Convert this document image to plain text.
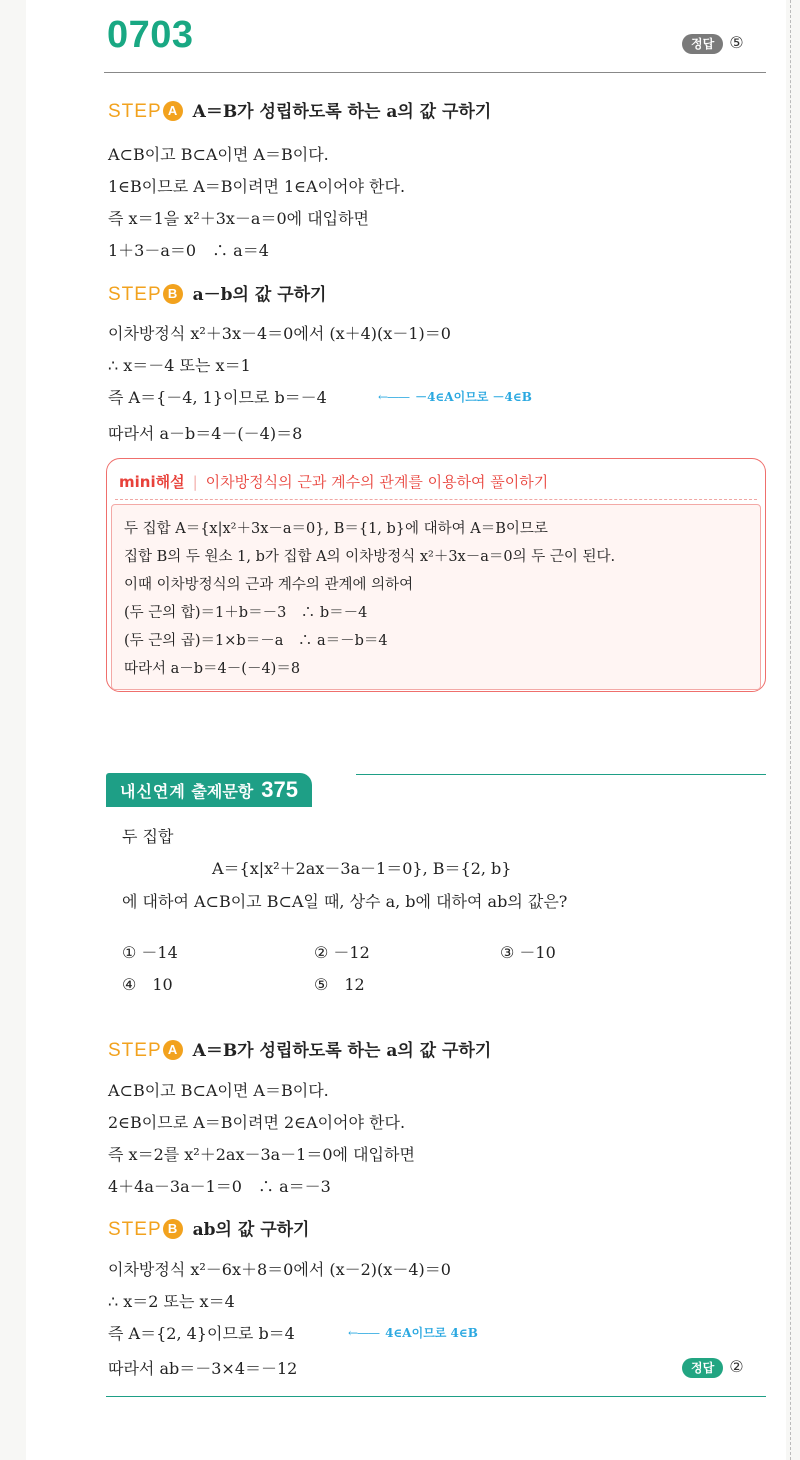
0703	정답 ⑤
STEP A A＝B가 성립하도록 하는 a의 값 구하기
A⊂B이고 B⊂A이면 A＝B이다.
1∈B이므로 A＝B이려면 1∈A이어야 한다.
즉 x＝1을 x²＋3x－a＝0에 대입하면
1＋3－a＝0　∴ a＝4
STEP B a－b의 값 구하기
이차방정식 x²＋3x－4＝0에서 (x＋4)(x－1)＝0
∴ x＝－4 또는 x＝1
즉 A＝{－4, 1}이므로 b＝－4	←—— －4∈A이므로 －4∈B
따라서 a－b＝4－(－4)＝8
mini해설 | 이차방정식의 근과 계수의 관계를 이용하여 풀이하기
두 집합 A＝{x|x²＋3x－a＝0}, B＝{1, b}에 대하여 A＝B이므로
집합 B의 두 원소 1, b가 집합 A의 이차방정식 x²＋3x－a＝0의 두 근이 된다.
이때 이차방정식의 근과 계수의 관계에 의하여
(두 근의 합)＝1＋b＝－3　∴ b＝－4
(두 근의 곱)＝1×b＝－a　∴ a＝－b＝4
따라서 a－b＝4－(－4)＝8
내신연계 출제문항 375
두 집합
A＝{x|x²＋2ax－3a－1＝0}, B＝{2, b}
에 대하여 A⊂B이고 B⊂A일 때, 상수 a, b에 대하여 ab의 값은?
① －14	② －12	③ －10
④　10	⑤　12
STEP A A＝B가 성립하도록 하는 a의 값 구하기
A⊂B이고 B⊂A이면 A＝B이다.
2∈B이므로 A＝B이려면 2∈A이어야 한다.
즉 x＝2를 x²＋2ax－3a－1＝0에 대입하면
4＋4a－3a－1＝0　∴ a＝－3
STEP B ab의 값 구하기
이차방정식 x²－6x＋8＝0에서 (x－2)(x－4)＝0
∴ x＝2 또는 x＝4
즉 A＝{2, 4}이므로 b＝4	←—— 4∈A이므로 4∈B
따라서 ab＝－3×4＝－12	정답 ②
